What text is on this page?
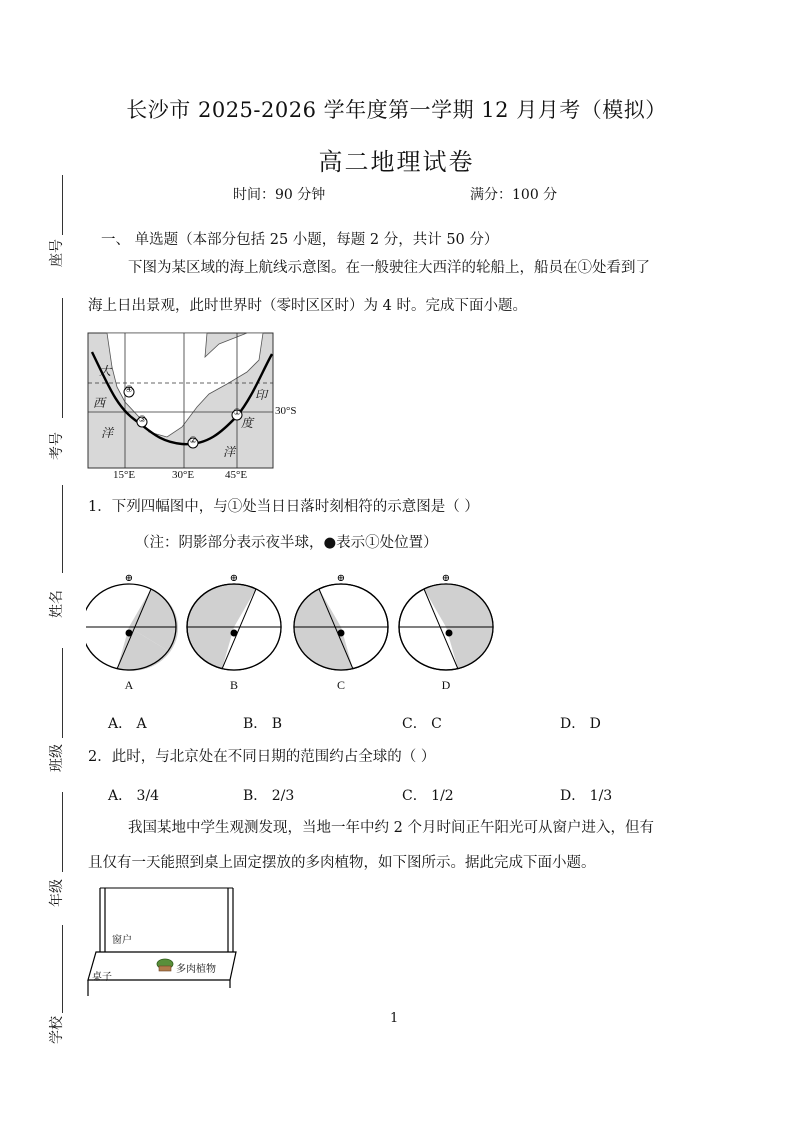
长沙市 2025-2026 学年度第一学期 12 月月考（模拟）
高二地理试卷
时间：90 分钟	满分：100 分
座号
考号
姓名
班级
年级
学校
一、 单选题（本部分包括 25 小题，每题 2 分，共计 50 分）
下图为某区域的海上航线示意图。在一般驶往大西洋的轮船上，船员在①处看到了
海上日出景观，此时世界时（零时区区时）为 4 时。完成下面小题。
大
西
洋
印
度
洋
30°S
①
②
③
④
15°E	30°E	45°E
1．下列四幅图中，与①处当日日落时刻相符的示意图是（ ）
（注：阴影部分表示夜半球，●表示①处位置）
⊕	⊕	⊕	⊕
A	B	C	D
A． A	B． B	C． C	D． D
2．此时，与北京处在不同日期的范围约占全球的（ ）
A． 3/4	B． 2/3	C． 1/2	D． 1/3
我国某地中学生观测发现，当地一年中约 2 个月时间正午阳光可从窗户进入，但有
且仅有一天能照到桌上固定摆放的多肉植物，如下图所示。据此完成下面小题。
窗户
桌子
多肉植物
1
